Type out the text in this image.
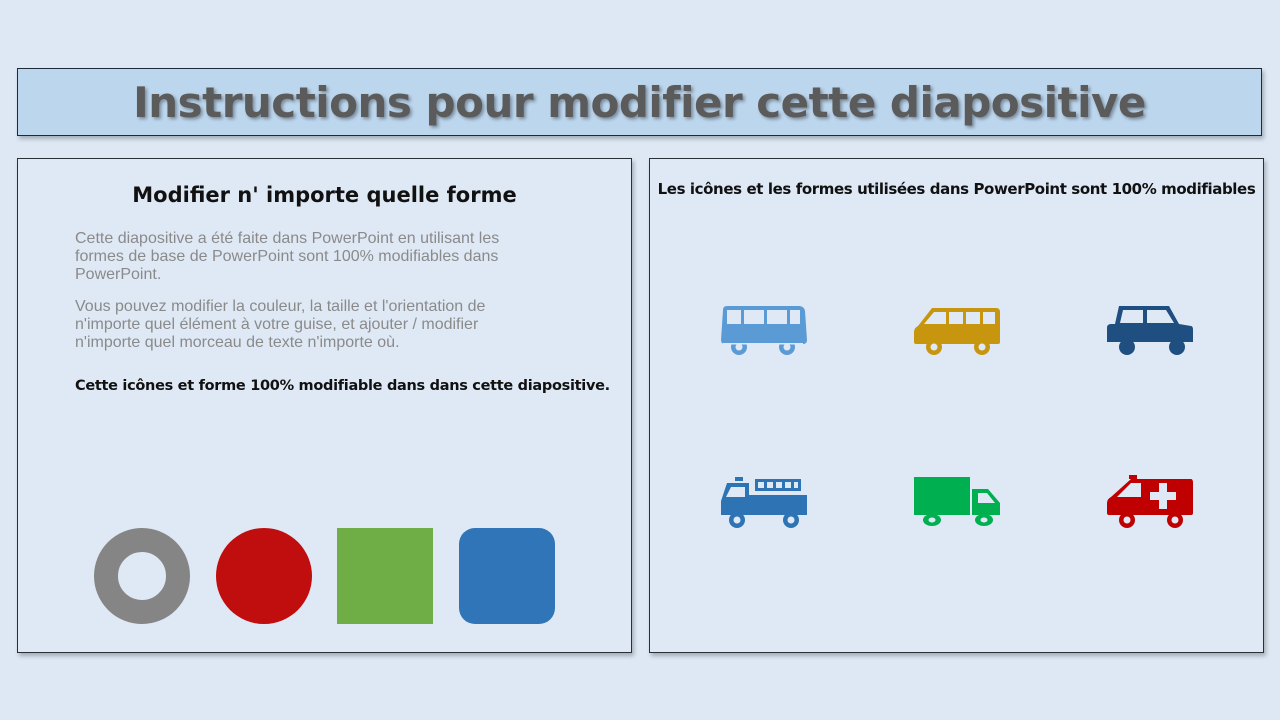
Instructions pour modifier cette diapositive
Modifier n' importe quelle forme

Cette diapositive a été faite dans PowerPoint en utilisant les formes de base de PowerPoint sont 100% modifiables dans PowerPoint.

Vous pouvez modifier la couleur, la taille et l'orientation de n'importe quel élément à votre guise, et ajouter / modifier n'importe quel morceau de texte n'importe où.

Cette icônes et forme 100% modifiable dans dans cette diapositive.

Les icônes et les formes utilisées dans PowerPoint sont 100% modifiables
